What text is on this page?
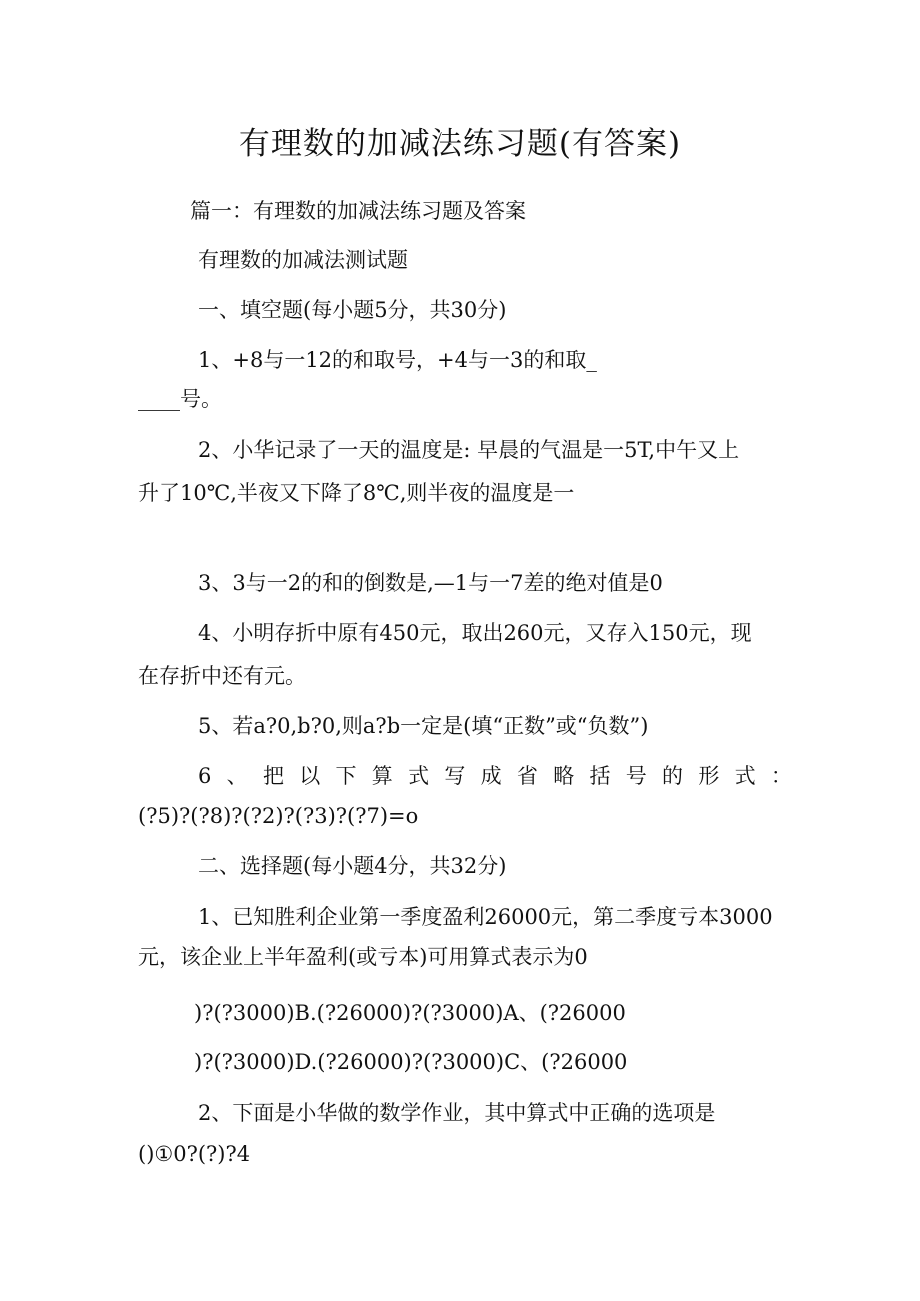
有理数的加减法练习题(有答案)
篇一：有理数的加减法练习题及答案
有理数的加减法测试题
一、填空题(每小题5分，共30分)
1、+8与一12的和取号，+4与一3的和取_
____号。
2、小华记录了一天的温度是: 早晨的气温是一5T,中午又上
升了10℃,半夜又下降了8℃,则半夜的温度是一
3、3与一2的和的倒数是,—1与一7差的绝对值是0
4、小明存折中原有450元，取出260元，又存入150元，现
在存折中还有元。
5、若a?0,b?0,则a?b一定是(填“正数”或“负数”)
6 、 把 以 下 算 式 写 成 省 略 括 号 的 形 式 ：
(?5)?(?8)?(?2)?(?3)?(?7)=o
二、选择题(每小题4分，共32分)
1、已知胜利企业第一季度盈利26000元，第二季度亏本3000
元，该企业上半年盈利(或亏本)可用算式表示为0
)?(?3000)B.(?26000)?(?3000)A、(?26000
)?(?3000)D.(?26000)?(?3000)C、(?26000
2、下面是小华做的数学作业，其中算式中正确的选项是
()①0?(?)?4
